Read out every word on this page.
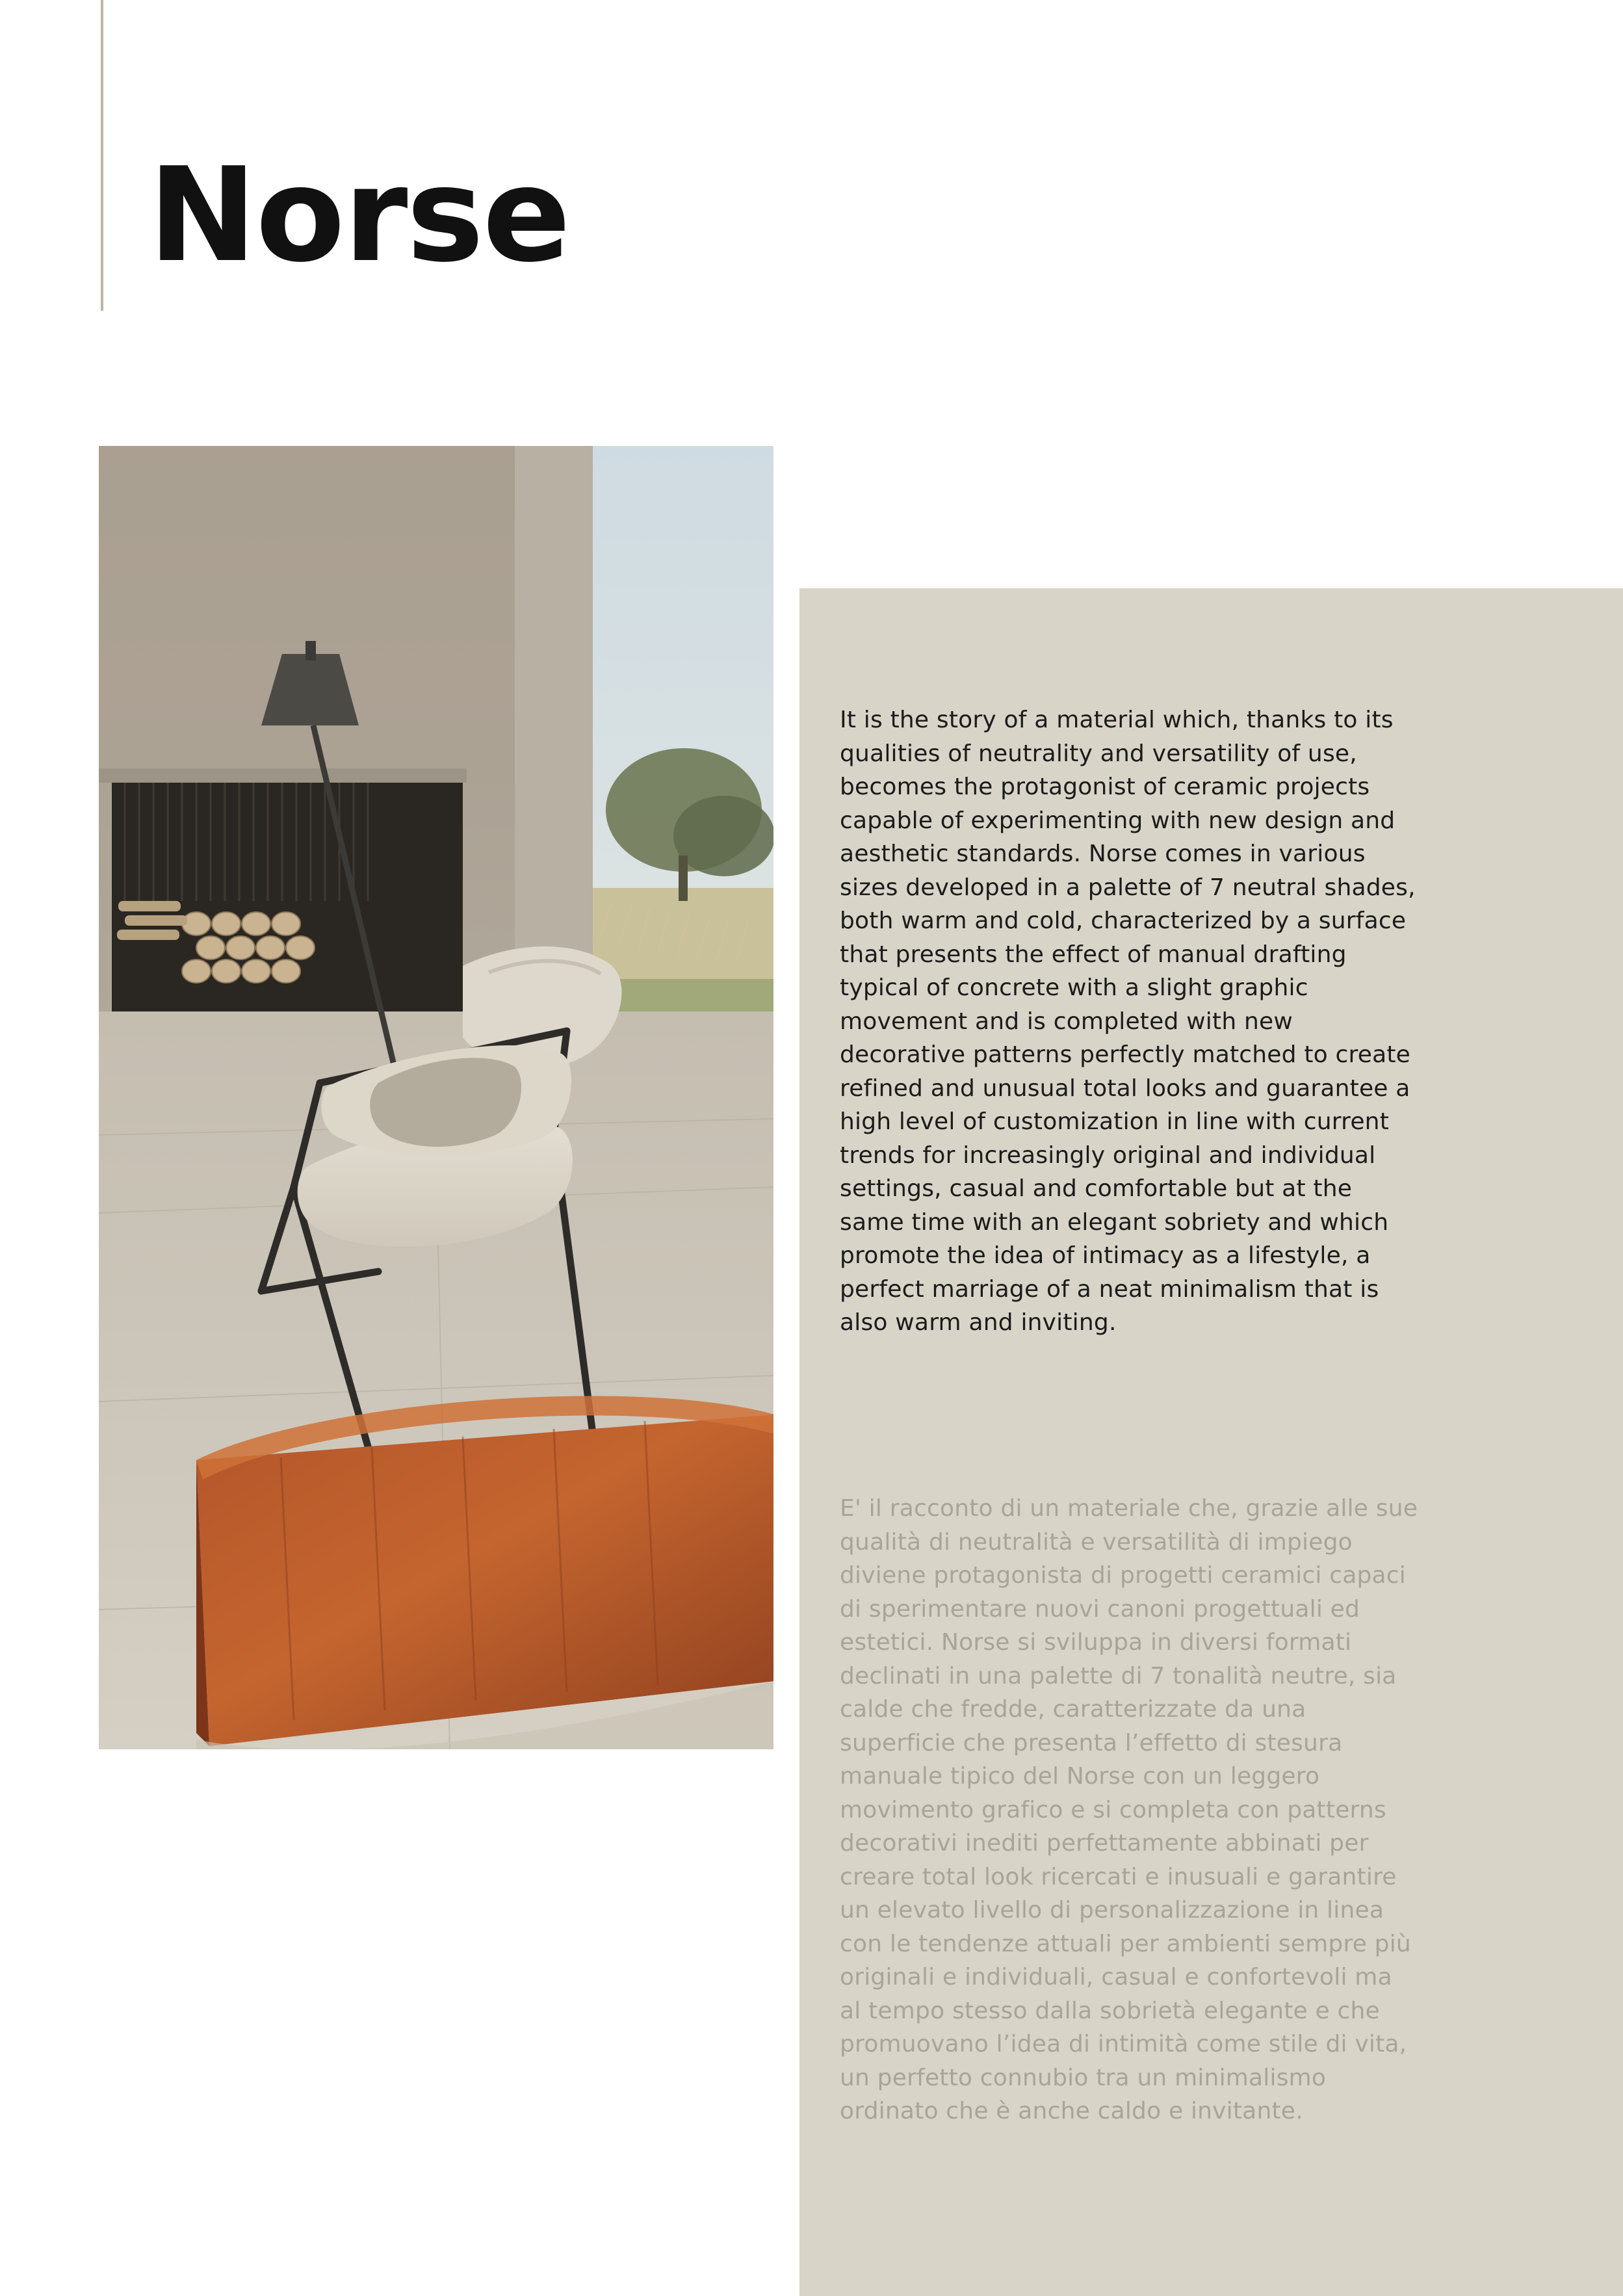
Norse

It is the story of a material which, thanks to its qualities of neutrality and versatility of use, becomes the protagonist of ceramic projects capable of experimenting with new design and aesthetic standards. Norse comes in various sizes developed in a palette of 7 neutral shades, both warm and cold, characterized by a surface that presents the effect of manual drafting typical of concrete with a slight graphic movement and is completed with new decorative patterns perfectly matched to create refined and unusual total looks and guarantee a high level of customization in line with current trends for increasingly original and individual settings, casual and comfortable but at the same time with an elegant sobriety and which promote the idea of intimacy as a lifestyle, a perfect marriage of a neat minimalism that is also warm and inviting.

E' il racconto di un materiale che, grazie alle sue qualità di neutralità e versatilità di impiego diviene protagonista di progetti ceramici capaci di sperimentare nuovi canoni progettuali ed estetici. Norse si sviluppa in diversi formati declinati in una palette di 7 tonalità neutre, sia calde che fredde, caratterizzate da una superficie che presenta l’effetto di stesura manuale tipico del Norse con un leggero movimento grafico e si completa con patterns decorativi inediti perfettamente abbinati per creare total look ricercati e inusuali e garantire un elevato livello di personalizzazione in linea con le tendenze attuali per ambienti sempre più originali e individuali, casual e confortevoli ma al tempo stesso dalla sobrietà elegante e che promuovano l’idea di intimità come stile di vita, un perfetto connubio tra un minimalismo ordinato che è anche caldo e invitante.
